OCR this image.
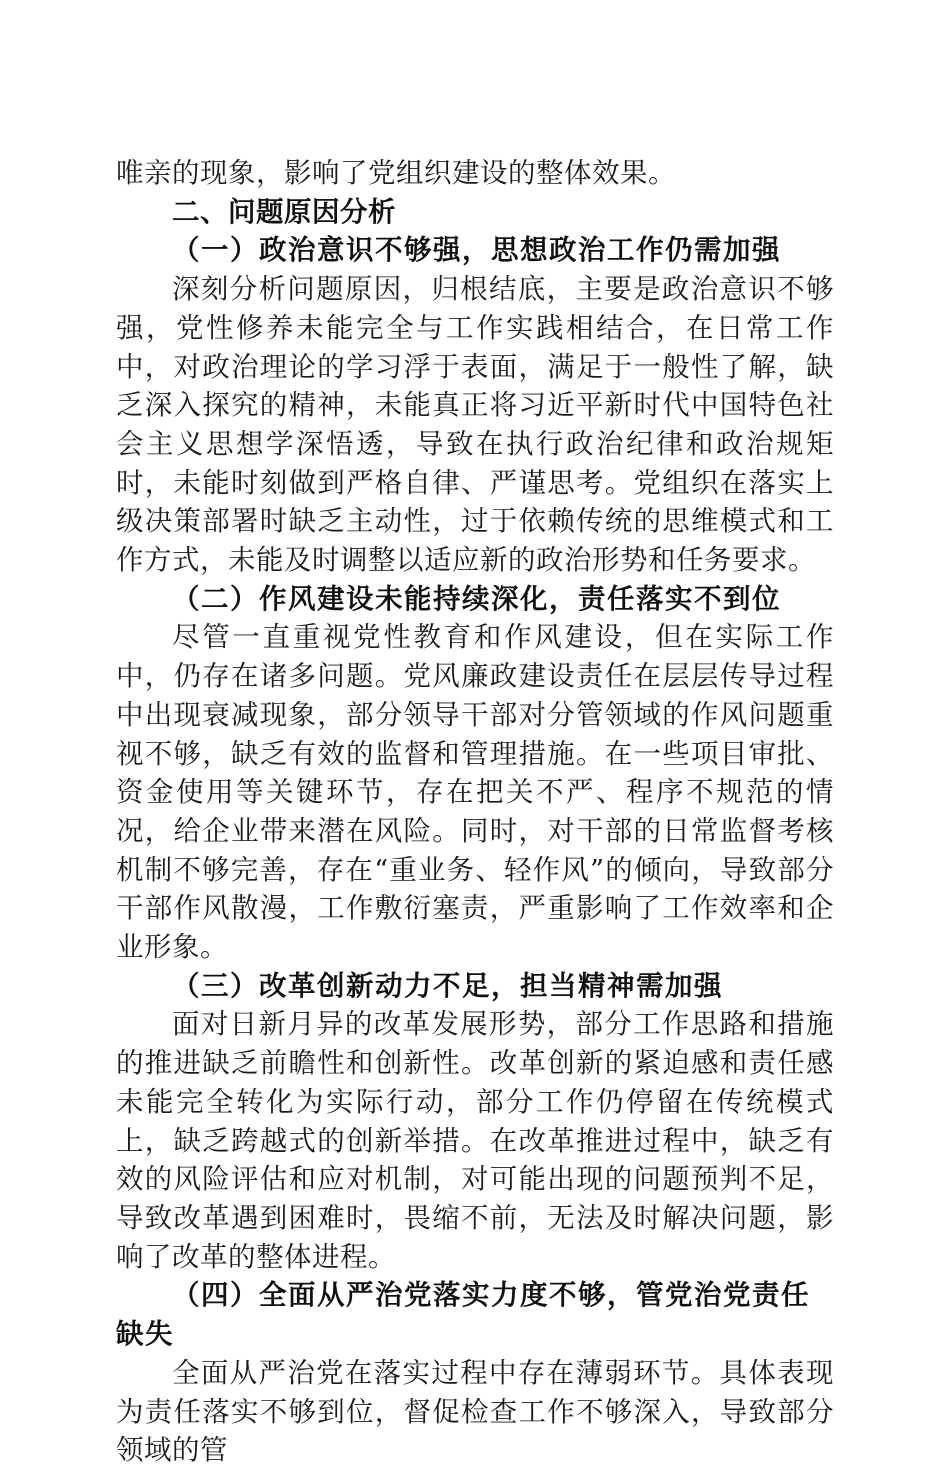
唯亲的现象，影响了党组织建设的整体效果。

二、问题原因分析

（一）政治意识不够强，思想政治工作仍需加强

深刻分析问题原因，归根结底，主要是政治意识不够强，党性修养未能完全与工作实践相结合，在日常工作中，对政治理论的学习浮于表面，满足于一般性了解，缺乏深入探究的精神，未能真正将习近平新时代中国特色社会主义思想学深悟透，导致在执行政治纪律和政治规矩时，未能时刻做到严格自律、严谨思考。党组织在落实上级决策部署时缺乏主动性，过于依赖传统的思维模式和工作方式，未能及时调整以适应新的政治形势和任务要求。

（二）作风建设未能持续深化，责任落实不到位

尽管一直重视党性教育和作风建设，但在实际工作中，仍存在诸多问题。党风廉政建设责任在层层传导过程中出现衰减现象，部分领导干部对分管领域的作风问题重视不够，缺乏有效的监督和管理措施。在一些项目审批、资金使用等关键环节，存在把关不严、程序不规范的情况，给企业带来潜在风险。同时，对干部的日常监督考核机制不够完善，存在“重业务、轻作风”的倾向，导致部分干部作风散漫，工作敷衍塞责，严重影响了工作效率和企业形象。

（三）改革创新动力不足，担当精神需加强

面对日新月异的改革发展形势，部分工作思路和措施的推进缺乏前瞻性和创新性。改革创新的紧迫感和责任感未能完全转化为实际行动，部分工作仍停留在传统模式上，缺乏跨越式的创新举措。在改革推进过程中，缺乏有效的风险评估和应对机制，对可能出现的问题预判不足，导致改革遇到困难时，畏缩不前，无法及时解决问题，影响了改革的整体进程。

（四）全面从严治党落实力度不够，管党治党责任缺失

全面从严治党在落实过程中存在薄弱环节。具体表现为责任落实不够到位，督促检查工作不够深入，导致部分领域的管
